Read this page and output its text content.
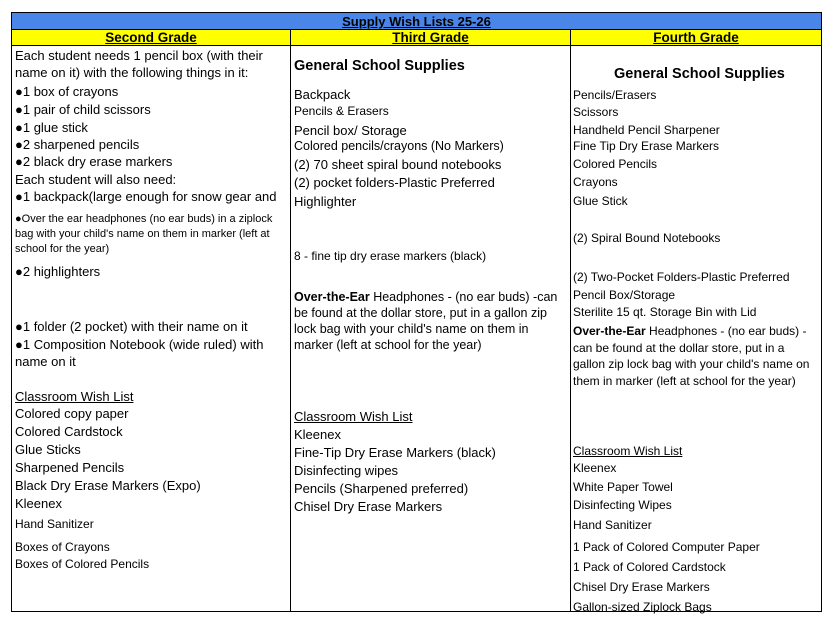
Supply Wish Lists 25-26
Second Grade	Third Grade	Fourth Grade
Each student needs 1 pencil box (with their name on it) with the following things in it:
●1 box of crayons
●1 pair of child scissors
●1 glue stick
●2 sharpened pencils
●2 black dry erase markers
Each student will also need:
●1 backpack(large enough for snow gear and
●Over the ear headphones (no ear buds) in a ziplock bag with your child's name on them in marker (left at school for the year)
●2 highlighters
●1 folder (2 pocket) with their name on it
●1 Composition Notebook (wide ruled) with name on it
Classroom Wish List
Colored copy paper
Colored Cardstock
Glue Sticks
Sharpened Pencils
Black Dry Erase Markers (Expo)
Kleenex
Hand Sanitizer
Boxes of Crayons
Boxes of Colored Pencils
General School Supplies
Backpack
Pencils & Erasers
Pencil box/ Storage
Colored pencils/crayons (No Markers)
(2) 70 sheet spiral bound notebooks
(2) pocket folders-Plastic Preferred
Highlighter
8 - fine tip dry erase markers (black)
Over-the-Ear Headphones - (no ear buds) -can be found at the dollar store, put in a gallon zip lock bag with your child's name on them in marker (left at school for the year)
Classroom Wish List
Kleenex
Fine-Tip Dry Erase Markers (black)
Disinfecting wipes
Pencils (Sharpened preferred)
Chisel Dry Erase Markers
General School Supplies
Pencils/Erasers
Scissors
Handheld Pencil Sharpener
Fine Tip Dry Erase Markers
Colored Pencils
Crayons
Glue Stick
(2) Spiral Bound Notebooks
(2) Two-Pocket Folders-Plastic Preferred
Pencil Box/Storage
Sterilite 15 qt. Storage Bin with Lid
Over-the-Ear Headphones - (no ear buds) -can be found at the dollar store, put in a gallon zip lock bag with your child's name on them in marker (left at school for the year)
Classroom Wish List
Kleenex
White Paper Towel
Disinfecting Wipes
Hand Sanitizer
1 Pack of Colored Computer Paper
1 Pack of Colored Cardstock
Chisel Dry Erase Markers
Gallon-sized Ziplock Bags
